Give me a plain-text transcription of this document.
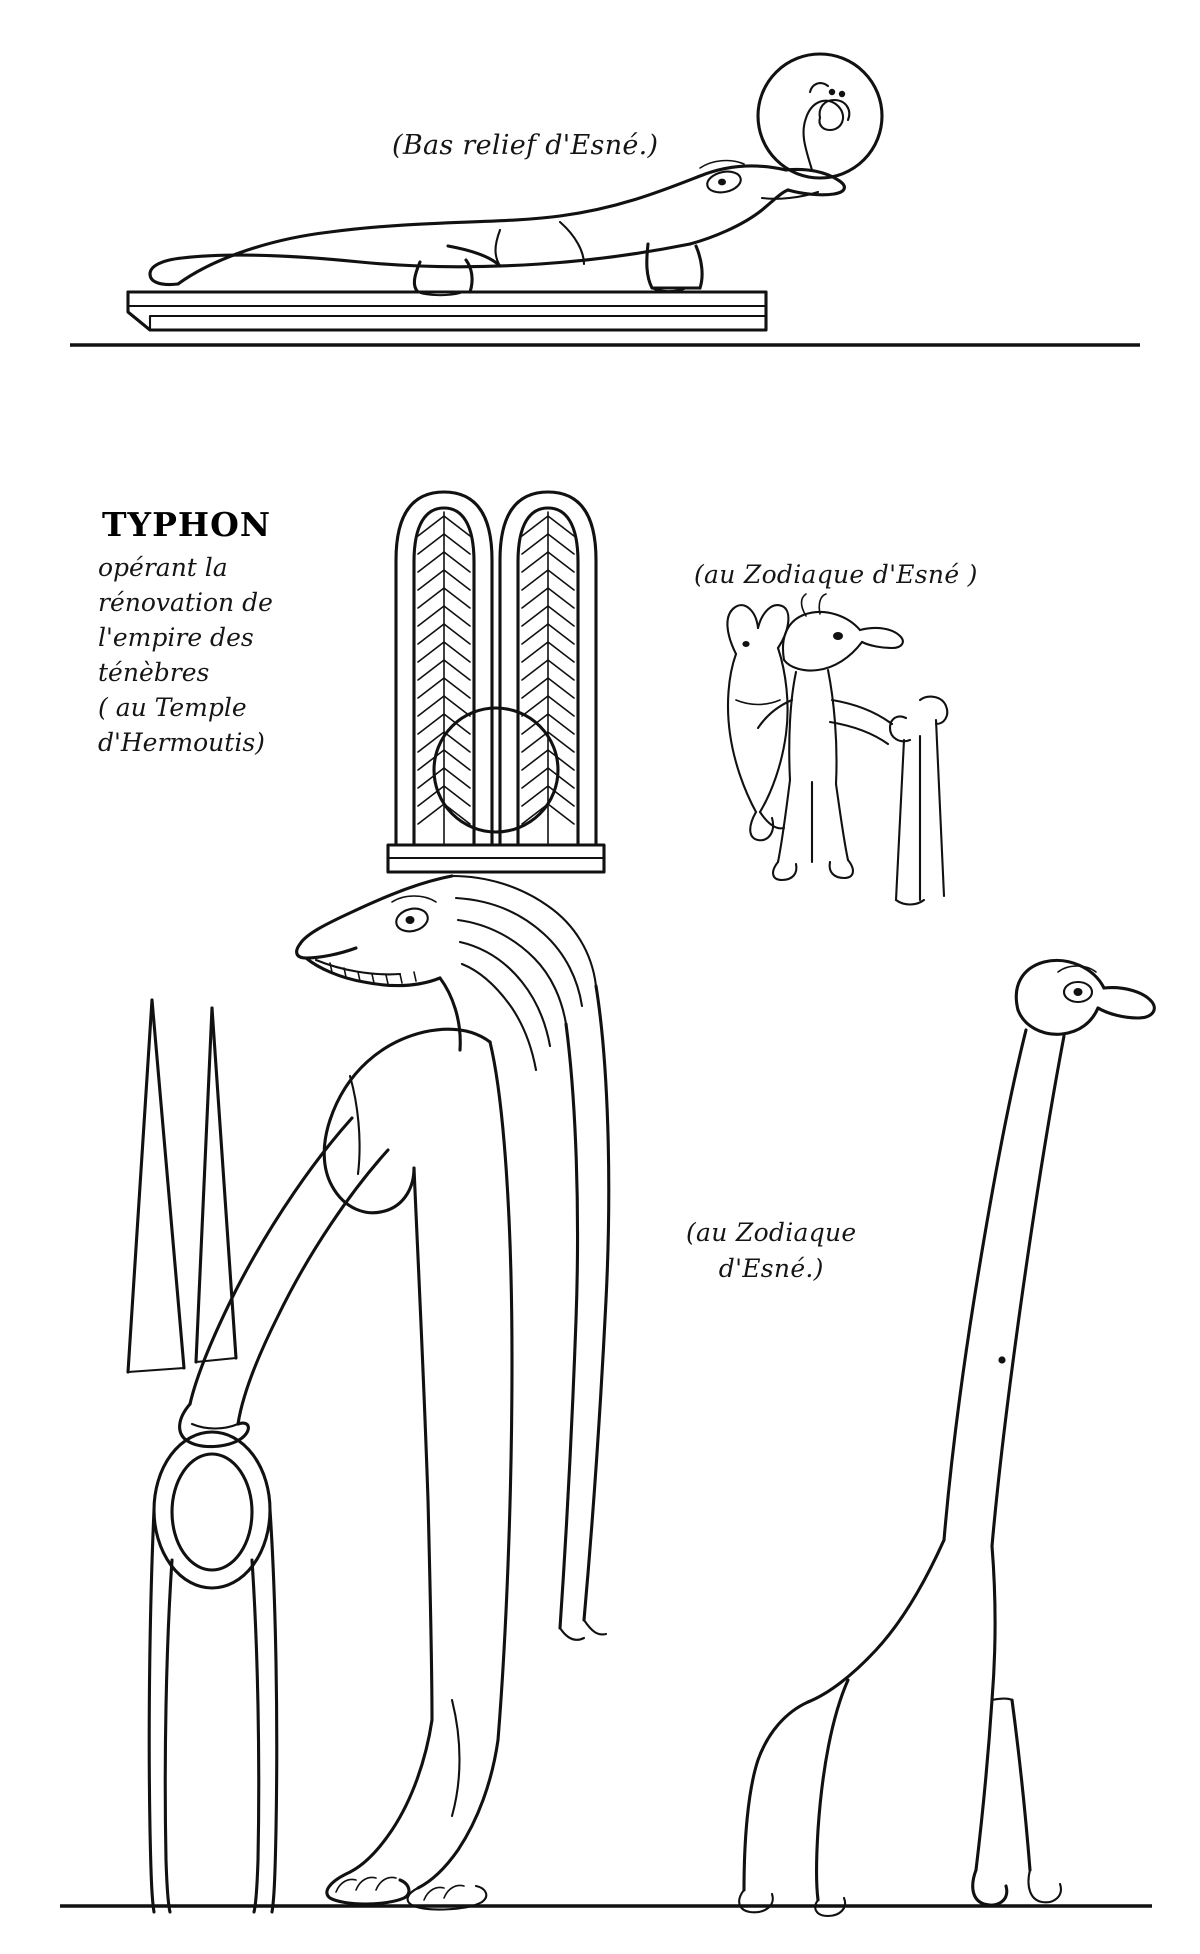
(Bas relief d'Esné.)
TYPHON
opérant la
rénovation de
l'empire des
ténèbres
( au Temple
d'Hermoutis)
(au Zodiaque d'Esné )
(au Zodiaque
d'Esné.)
